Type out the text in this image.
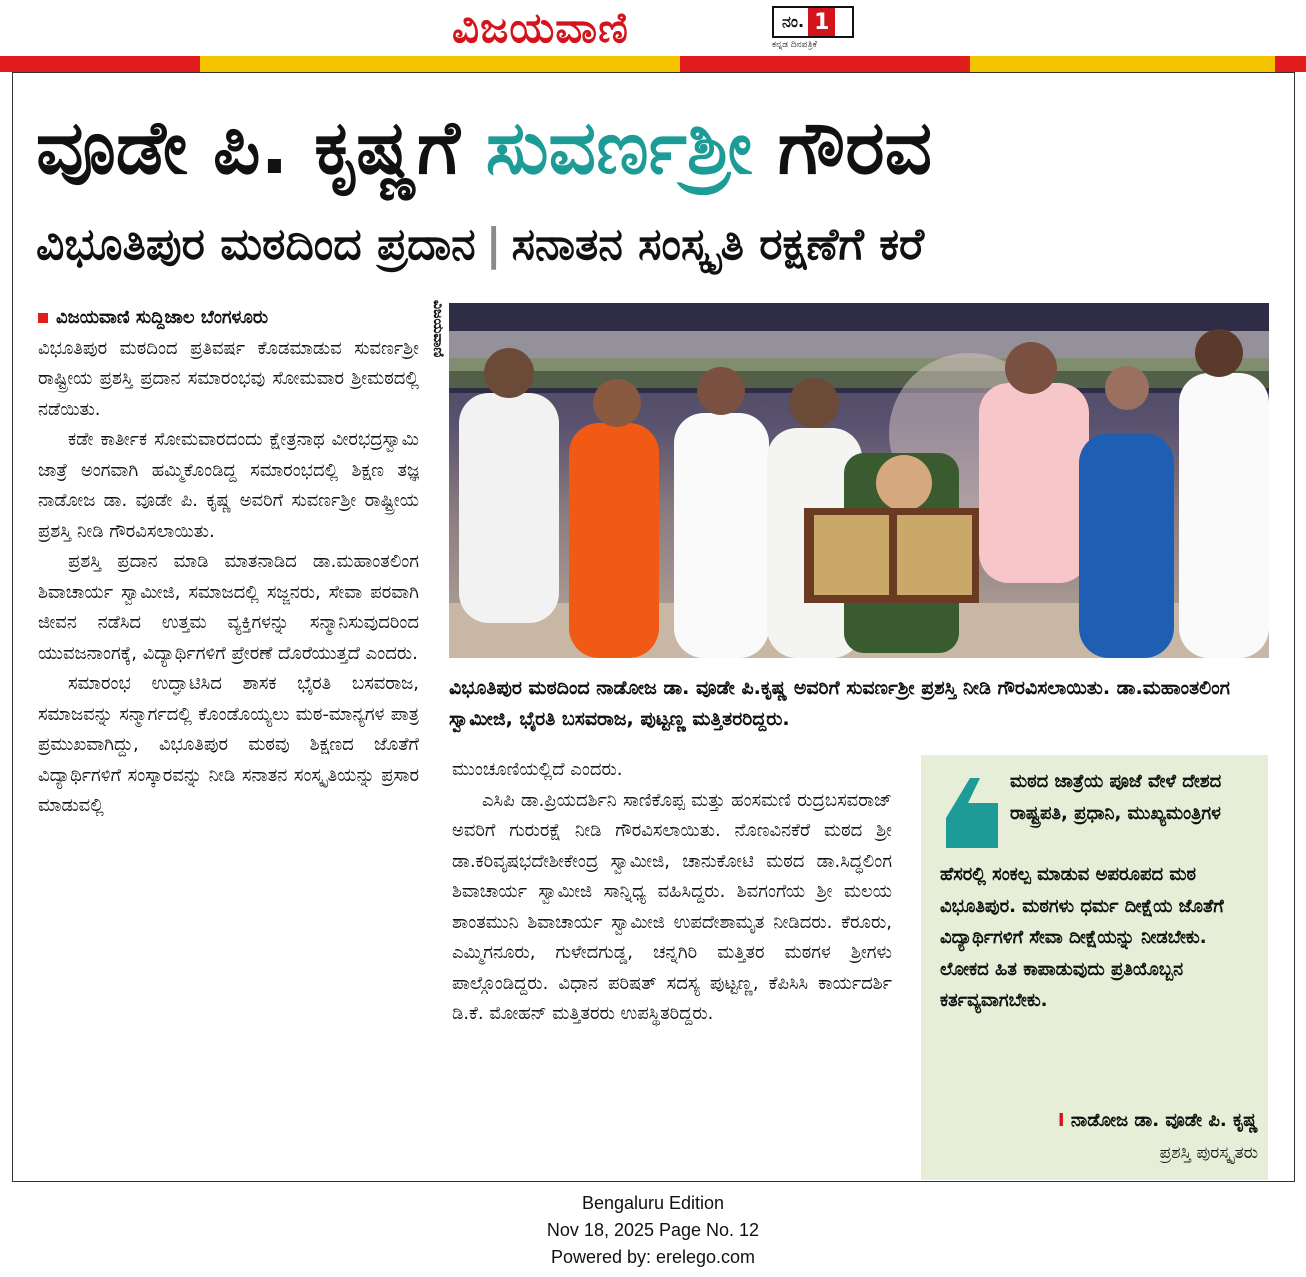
ವಿಜಯವಾಣಿ	ನಂ. 1
ಕನ್ನಡ ದಿನಪತ್ರಿಕೆ
ವೂಡೇ ಪಿ. ಕೃಷ್ಣಗೆ ಸುವರ್ಣಶ್ರೀ ಗೌರವ
ವಿಭೂತಿಪುರ ಮಠದಿಂದ ಪ್ರದಾನ | ಸನಾತನ ಸಂಸ್ಕೃತಿ ರಕ್ಷಣೆಗೆ ಕರೆ
ವಿಜಯವಾಣಿ ಸುದ್ದಿಜಾಲ ಬೆಂಗಳೂರು

ವಿಭೂತಿಪುರ ಮಠದಿಂದ ಪ್ರತಿವರ್ಷ ಕೊಡಮಾಡುವ ಸುವರ್ಣಶ್ರೀ ರಾಷ್ಟ್ರೀಯ ಪ್ರಶಸ್ತಿ ಪ್ರದಾನ ಸಮಾರಂಭವು ಸೋಮವಾರ ಶ್ರೀಮಠದಲ್ಲಿ ನಡೆಯಿತು.

ಕಡೇ ಕಾರ್ತೀಕ ಸೋಮವಾರದಂದು ಕ್ಷೇತ್ರನಾಥ ವೀರಭದ್ರಸ್ವಾಮಿ ಜಾತ್ರೆ ಅಂಗವಾಗಿ ಹಮ್ಮಿಕೊಂಡಿದ್ದ ಸಮಾರಂಭದಲ್ಲಿ ಶಿಕ್ಷಣ ತಜ್ಞ ನಾಡೋಜ ಡಾ. ವೂಡೇ ಪಿ. ಕೃಷ್ಣ ಅವರಿಗೆ ಸುವರ್ಣಶ್ರೀ ರಾಷ್ಟ್ರೀಯ ಪ್ರಶಸ್ತಿ ನೀಡಿ ಗೌರವಿಸಲಾಯಿತು.

ಪ್ರಶಸ್ತಿ ಪ್ರದಾನ ಮಾಡಿ ಮಾತನಾಡಿದ ಡಾ.ಮಹಾಂತಲಿಂಗ ಶಿವಾಚಾರ್ಯ ಸ್ವಾಮೀಜಿ, ಸಮಾಜದಲ್ಲಿ ಸಜ್ಜನರು, ಸೇವಾ ಪರವಾಗಿ ಜೀವನ ನಡೆಸಿದ ಉತ್ತಮ ವ್ಯಕ್ತಿಗಳನ್ನು ಸನ್ಮಾನಿಸುವುದರಿಂದ ಯುವಜನಾಂಗಕ್ಕೆ, ವಿದ್ಯಾರ್ಥಿಗಳಿಗೆ ಪ್ರೇರಣೆ ದೊರೆಯುತ್ತದೆ ಎಂದರು.

ಸಮಾರಂಭ ಉದ್ಘಾಟಿಸಿದ ಶಾಸಕ ಭೈರತಿ ಬಸವರಾಜ, ಸಮಾಜವನ್ನು ಸನ್ಮಾರ್ಗದಲ್ಲಿ ಕೊಂಡೊಯ್ಯಲು ಮಠ-ಮಾನ್ಯಗಳ ಪಾತ್ರ ಪ್ರಮುಖವಾಗಿದ್ದು, ವಿಭೂತಿಪುರ ಮಠವು ಶಿಕ್ಷಣದ ಜೊತೆಗೆ ವಿದ್ಯಾರ್ಥಿಗಳಿಗೆ ಸಂಸ್ಕಾರವನ್ನು ನೀಡಿ ಸನಾತನ ಸಂಸ್ಕೃತಿಯನ್ನು ಪ್ರಸಾರ ಮಾಡುವಲ್ಲಿ

ವಿಜಯವಾಣಿ
ವಿಭೂತಿಪುರ ಮಠದಿಂದ ನಾಡೋಜ ಡಾ. ವೂಡೇ ಪಿ.ಕೃಷ್ಣ ಅವರಿಗೆ ಸುವರ್ಣಶ್ರೀ ಪ್ರಶಸ್ತಿ ನೀಡಿ ಗೌರವಿಸಲಾಯಿತು. ಡಾ.ಮಹಾಂತಲಿಂಗ ಸ್ವಾಮೀಜಿ, ಭೈರತಿ ಬಸವರಾಜ, ಪುಟ್ಟಣ್ಣ ಮತ್ತಿತರರಿದ್ದರು.

ಮುಂಚೂಣಿಯಲ್ಲಿದೆ ಎಂದರು.

ಎಸಿಪಿ ಡಾ.ಪ್ರಿಯದರ್ಶಿನಿ ಸಾಣಿಕೊಪ್ಪ ಮತ್ತು ಹಂಸಮಣಿ ರುದ್ರಬಸವರಾಜ್ ಅವರಿಗೆ ಗುರುರಕ್ಷೆ ನೀಡಿ ಗೌರವಿಸಲಾಯಿತು. ನೊಣವಿನಕೆರೆ ಮಠದ ಶ್ರೀ ಡಾ.ಕರಿವೃಷಭದೇಶೀಕೇಂದ್ರ ಸ್ವಾಮೀಜಿ, ಚಾನುಕೋಟಿ ಮಠದ ಡಾ.ಸಿದ್ಧಲಿಂಗ ಶಿವಾಚಾರ್ಯ ಸ್ವಾಮೀಜಿ ಸಾನ್ನಿಧ್ಯ ವಹಿಸಿದ್ದರು. ಶಿವಗಂಗೆಯ ಶ್ರೀ ಮಲಯ ಶಾಂತಮುನಿ ಶಿವಾಚಾರ್ಯ ಸ್ವಾಮೀಜಿ ಉಪದೇಶಾಮೃತ ನೀಡಿದರು. ಕೆರೂರು, ಎಮ್ಮಿಗನೂರು, ಗುಳೇದಗುಡ್ಡ, ಚನ್ನಗಿರಿ ಮತ್ತಿತರ ಮಠಗಳ ಶ್ರೀಗಳು ಪಾಲ್ಗೊಂಡಿದ್ದರು. ವಿಧಾನ ಪರಿಷತ್ ಸದಸ್ಯ ಪುಟ್ಟಣ್ಣ, ಕೆಪಿಸಿಸಿ ಕಾರ್ಯದರ್ಶಿ ಡಿ.ಕೆ. ಮೋಹನ್ ಮತ್ತಿತರರು ಉಪಸ್ಥಿತರಿದ್ದರು.

ಮಠದ ಜಾತ್ರೆಯ ಪೂಜೆ ವೇಳೆ ದೇಶದ ರಾಷ್ಟ್ರಪತಿ, ಪ್ರಧಾನಿ, ಮುಖ್ಯಮಂತ್ರಿಗಳ
ಹೆಸರಲ್ಲಿ ಸಂಕಲ್ಪ ಮಾಡುವ ಅಪರೂಪದ ಮಠ ವಿಭೂತಿಪುರ. ಮಠಗಳು ಧರ್ಮ ದೀಕ್ಷೆಯ ಜೊತೆಗೆ ವಿದ್ಯಾರ್ಥಿಗಳಿಗೆ ಸೇವಾ ದೀಕ್ಷೆಯನ್ನು ನೀಡಬೇಕು. ಲೋಕದ ಹಿತ ಕಾಪಾಡುವುದು ಪ್ರತಿಯೊಬ್ಬನ ಕರ್ತವ್ಯವಾಗಬೇಕು.
I ನಾಡೋಜ ಡಾ. ವೂಡೇ ಪಿ. ಕೃಷ್ಣ
ಪ್ರಶಸ್ತಿ ಪುರಸ್ಕೃತರು
Bengaluru Edition
Nov 18, 2025 Page No. 12
Powered by: erelego.com
